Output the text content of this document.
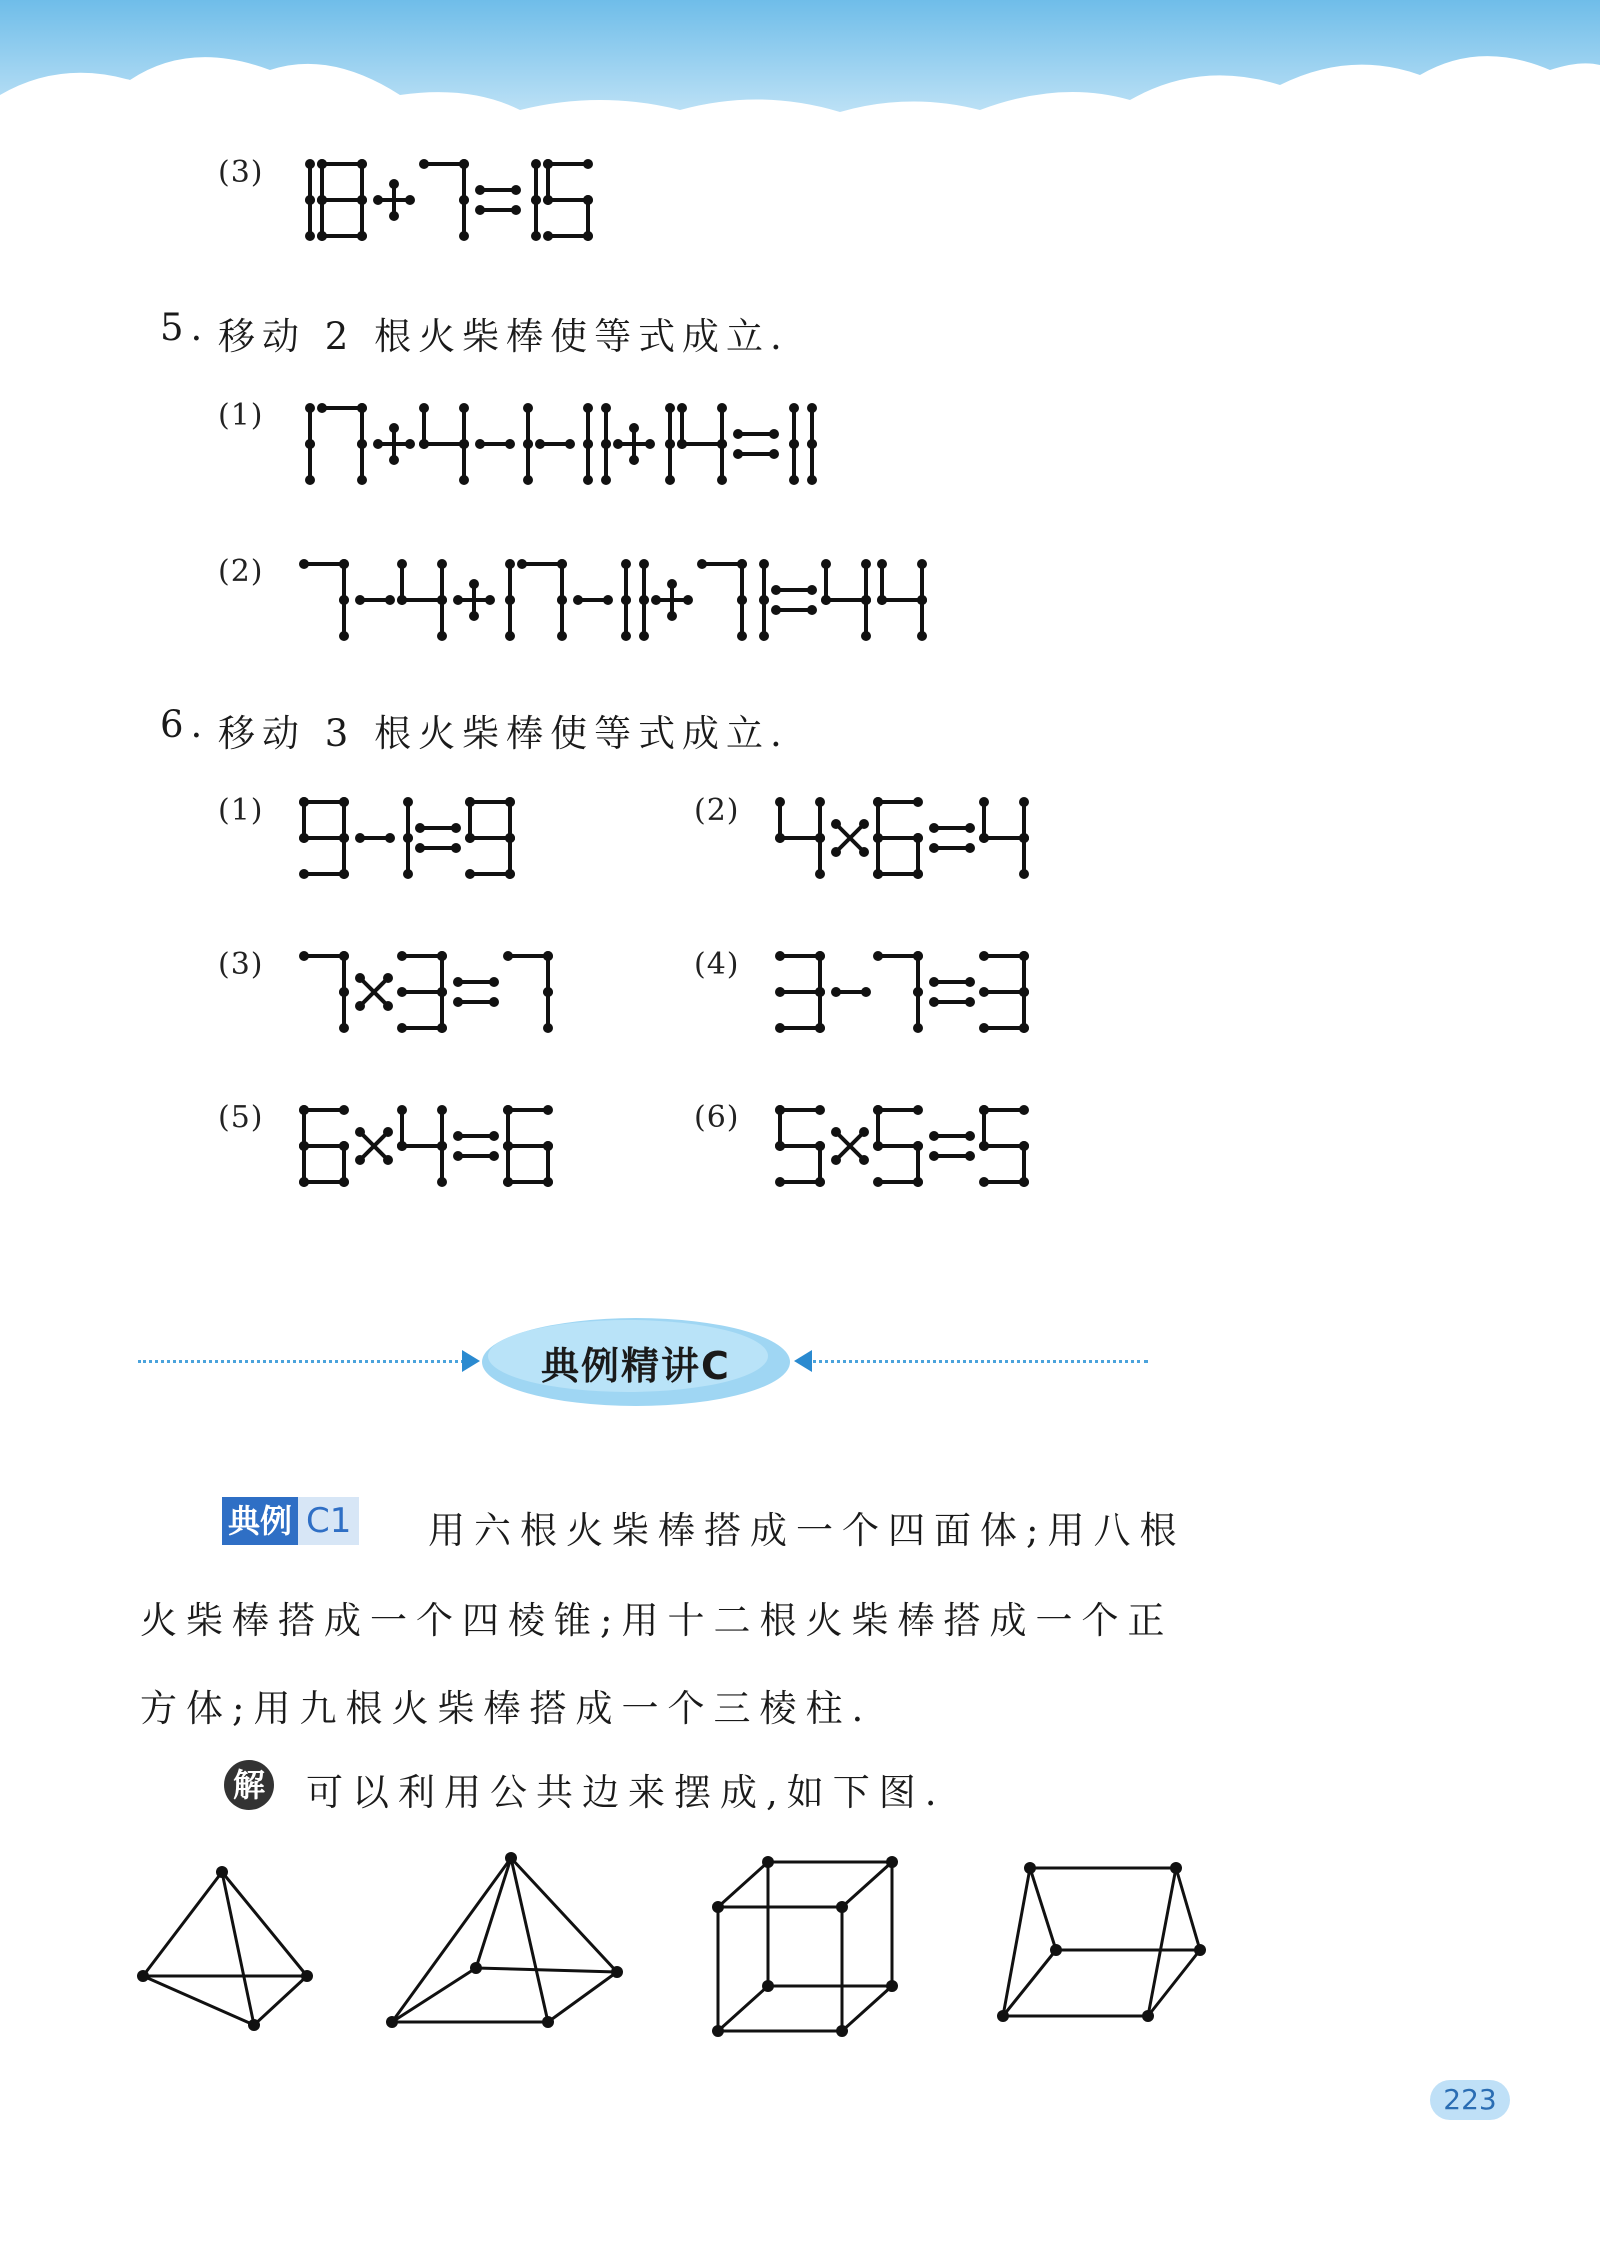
(3)
5. 移动 2 根火柴棒使等式成立.
(1)
(2)
6. 移动 3 根火柴棒使等式成立.
(1)	(2)
(3)	(4)
(5)	(6)
典例精讲C
典例 C1 用六根火柴棒搭成一个四面体;用八根
火柴棒搭成一个四棱锥;用十二根火柴棒搭成一个正
方体;用九根火柴棒搭成一个三棱柱.
解 可以利用公共边来摆成,如下图.
223
